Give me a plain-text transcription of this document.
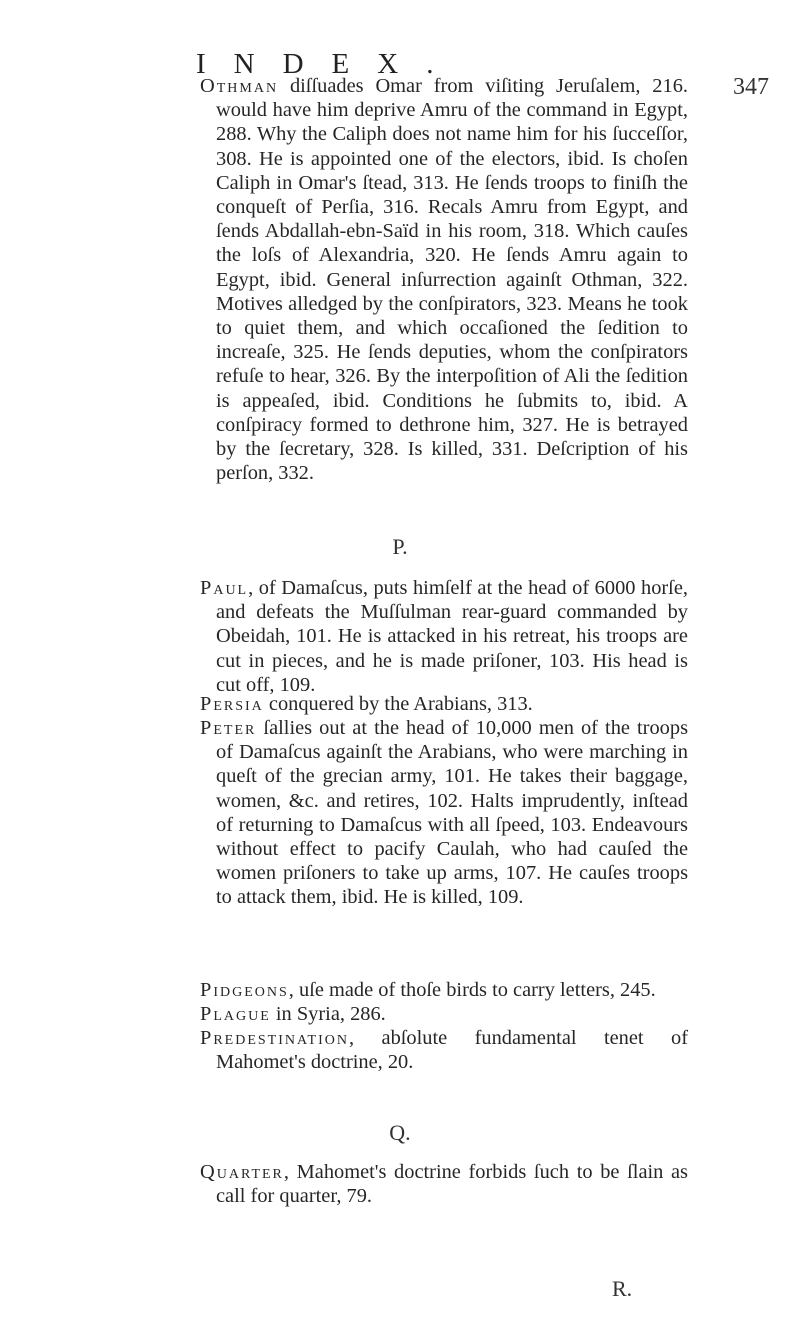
INDEX.
347

Othman diſſuades Omar from viſiting Jeruſalem, 216. would have him deprive Amru of the command in Egypt, 288. Why the Caliph does not name him for his ſucceſſor, 308. He is appointed one of the electors, ibid. Is choſen Caliph in Omar's ſtead, 313. He ſends troops to finiſh the conqueſt of Perſia, 316. Recals Amru from Egypt, and ſends Abdallah-ebn-Saïd in his room, 318. Which cauſes the loſs of Alexandria, 320. He ſends Amru again to Egypt, ibid. General inſurrection againſt Othman, 322. Motives alledged by the conſpirators, 323. Means he took to quiet them, and which occaſioned the ſedition to increaſe, 325. He ſends deputies, whom the conſpirators refuſe to hear, 326. By the interpoſition of Ali the ſedition is appeaſed, ibid. Conditions he ſubmits to, ibid. A conſpiracy formed to dethrone him, 327. He is betrayed by the ſecretary, 328. Is killed, 331. Deſcription of his perſon, 332.

P.

Paul, of Damaſcus, puts himſelf at the head of 6000 horſe, and defeats the Muſſulman rear-guard commanded by Obeidah, 101. He is attacked in his retreat, his troops are cut in pieces, and he is made priſoner, 103. His head is cut off, 109.

Persia conquered by the Arabians, 313.

Peter ſallies out at the head of 10,000 men of the troops of Damaſcus againſt the Arabians, who were marching in queſt of the grecian army, 101. He takes their baggage, women, &c. and retires, 102. Halts imprudently, inſtead of returning to Damaſcus with all ſpeed, 103. Endeavours without effect to pacify Caulah, who had cauſed the women priſoners to take up arms, 107. He cauſes troops to attack them, ibid. He is killed, 109.

Pidgeons, uſe made of thoſe birds to carry letters, 245.

Plague in Syria, 286.

Predestination, abſolute fundamental tenet of Mahomet's doctrine, 20.

Q.

Quarter, Mahomet's doctrine forbids ſuch to be ſlain as call for quarter, 79.

R.
